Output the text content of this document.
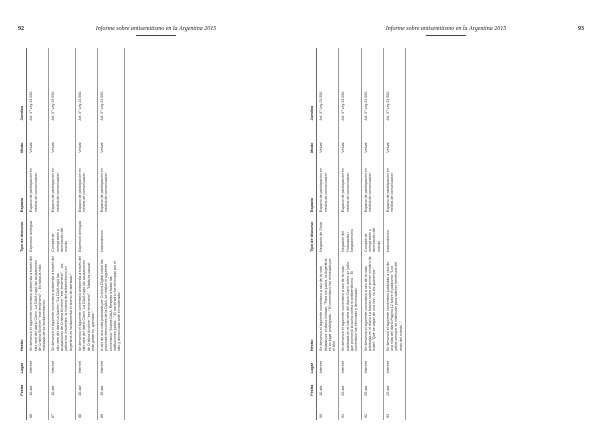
92	Informe sobre antisemitismo en la Argentina 2015
	Fecha	Lugar	Hecho	Tipo de discurso	Espacio	Modo	Jurídica
86	10-abr	Internet	Se denunció el siguiente comentario antisemita a través del sitio web del diario Clarín. La DAIA rugió las acusaciones de Cristina Kirchner "ese fenómeno"... Es falsa la nota realizada de su fundamentación.	Expresión ambigua	Espacio de participación en medios de comunicación	Virtual	Art. 3° Ley 23.592.
87	10-abr	Internet	Se denunció el siguiente comentario antisemita a través del sitio web del diario La Nación: "La DAIA rugió las acusaciones de Cristina Kirchner "ese fenómeno"... los judíos son insolentes, la historia del antisemitismo en Argentina es fundamental el ánimo de atentado."	Complot de conspiración y dominación del mundo	Espacio de participación en medios de comunicación	Virtual	Art. 3° Ley 23.592.
88	10-abr	Internet	Se denunció el siguiente comentario antisemita a través del sitio web del diario Clarín. La DAIA rugió las acusaciones de Cristina Kirchner "ese fenómeno"... "Nada es casual: este gobierno, queridos."	Expresión ambigua	Espacio de participación en medios de comunicación	Virtual	Art. 3° Ley 23.592.
89	10-abr	Internet	A raíz de una nota publicada por Crónica Digital sobre las próximas elecciones de la DAIA, se realizó el siguiente comentario: "Nueva DAIA. Respeto a todas las instituciones judías..." El comentario fue eliminado por el sitio y denunciado ante el moderador.	Nacionalismo	Espacio de participación en medios de comunicación	Virtual	Art. 3° Ley 23.592.
93
Informe sobre antisemitismo en la Argentina 2015
	Fecha	Lugar	Hecho	Tipo de discurso	Espacio	Modo	Jurídica
90	10-abr	Internet	Se denunció el siguiente comentario a raíz de la nota titulada por el diario Infobae: "Para los judíos, la Argentina es un lugar privilegiado..." El comentario fue eliminado por el sitio.	Negación de Shoá	Espacio de participación en medios de comunicación	Virtual	Art. 3° Ley 23.592.
91	20-abr	Internet	Se denunció el siguiente comentario a raíz de la nota publicada en el sitio web del diario Clarín sobre un judío que promovió la lucha contra el antisemitismo... El comentario fue eliminado y denunciado.	Negación del Holocausto / Negacionismo	Espacio de participación en medios de comunicación	Virtual	Art. 3° Ley 23.592.
92	20-abr	Internet	Se denunció el siguiente comentario a raíz de la nota publicada en el diario La Nación sobre el primer ministro de Israel: "Que se vayan de una vez, no los queremos."	Complot de conspiración y dominación del mundo	Espacio de participación en medios de comunicación	Virtual	Art. 3° Ley 23.592.
93	20-abr	Internet	Se denunció el siguiente comentario publicado a raíz de una nota del diario Página 12 sobre el judaísmo: "Los judíos siempre se victimizan para obtener beneficios del resto del mundo..."	Nacionalismo	Espacio de participación en medios de comunicación	Virtual	Art. 3° Ley 23.592.
